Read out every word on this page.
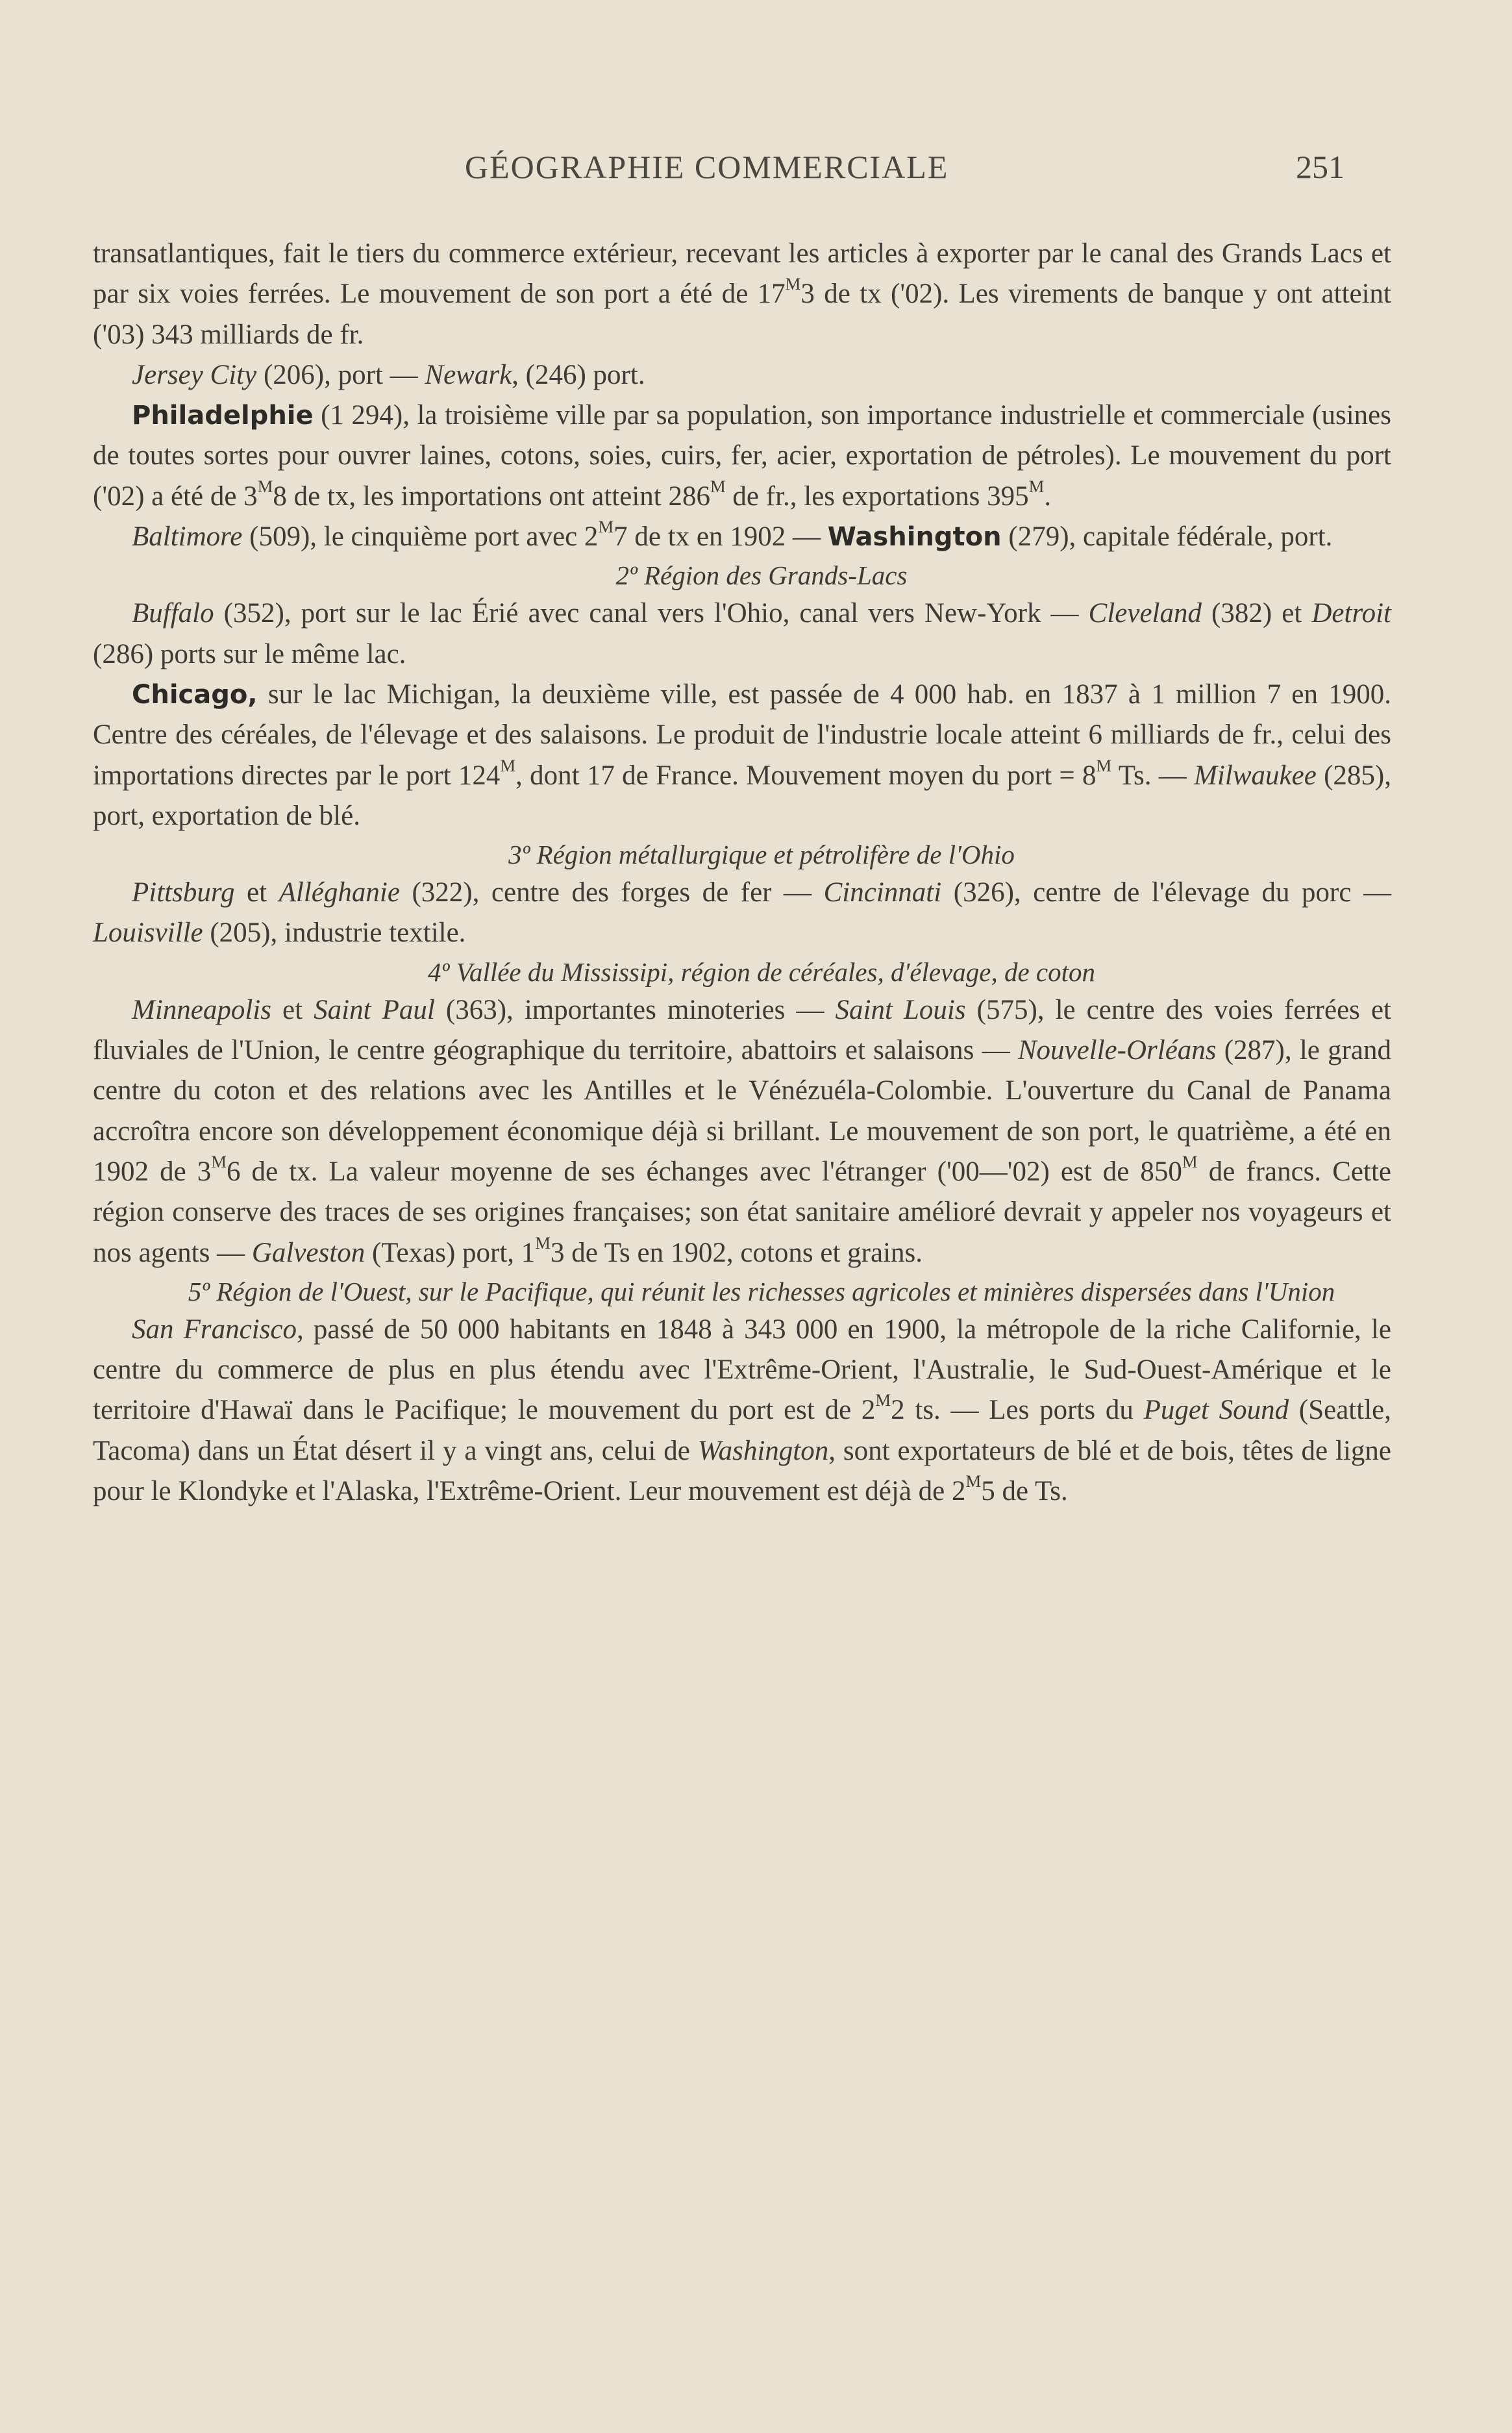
GÉOGRAPHIE COMMERCIALE	251

transatlantiques, fait le tiers du commerce extérieur, recevant les articles à exporter par le canal des Grands Lacs et par six voies ferrées. Le mouvement de son port a été de $17^M3$ de tx ('02). Les virements de banque y ont atteint ('03) 343 milliards de fr.

Jersey City (206), port — Newark, (246) port.

Philadelphie (1 294), la troisième ville par sa population, son importance industrielle et commerciale (usines de toutes sortes pour ouvrer laines, cotons, soies, cuirs, fer, acier, exportation de pétroles). Le mouvement du port ('02) a été de $3^M8$ de tx, les importations ont atteint $286^M$ de fr., les exportations $395^M$.

Baltimore (509), le cinquième port avec $2^M7$ de tx en 1902 — Washington (279), capitale fédérale, port.

2º Région des Grands-Lacs

Buffalo (352), port sur le lac Érié avec canal vers l'Ohio, canal vers New-York — Cleveland (382) et Detroit (286) ports sur le même lac.

Chicago, sur le lac Michigan, la deuxième ville, est passée de 4 000 hab. en 1837 à 1 million 7 en 1900. Centre des céréales, de l'élevage et des salaisons. Le produit de l'industrie locale atteint 6 milliards de fr., celui des importations directes par le port $124^M$, dont 17 de France. Mouvement moyen du port = $8^M$ Ts. — Milwaukee (285), port, exportation de blé.

3º Région métallurgique et pétrolifère de l'Ohio

Pittsburg et Alléghanie (322), centre des forges de fer — Cincinnati (326), centre de l'élevage du porc — Louisville (205), industrie textile.

4º Vallée du Mississipi, région de céréales, d'élevage, de coton

Minneapolis et Saint Paul (363), importantes minoteries — Saint Louis (575), le centre des voies ferrées et fluviales de l'Union, le centre géographique du territoire, abattoirs et salaisons — Nouvelle-Orléans (287), le grand centre du coton et des relations avec les Antilles et le Vénézuéla-Colombie. L'ouverture du Canal de Panama accroîtra encore son développement économique déjà si brillant. Le mouvement de son port, le quatrième, a été en 1902 de $3^M6$ de tx. La valeur moyenne de ses échanges avec l'étranger ('00—'02) est de $850^M$ de francs. Cette région conserve des traces de ses origines françaises; son état sanitaire amélioré devrait y appeler nos voyageurs et nos agents — Galveston (Texas) port, $1^M3$ de Ts en 1902, cotons et grains.

5º Région de l'Ouest, sur le Pacifique, qui réunit les richesses agricoles et minières dispersées dans l'Union

San Francisco, passé de 50 000 habitants en 1848 à 343 000 en 1900, la métropole de la riche Californie, le centre du commerce de plus en plus étendu avec l'Extrême-Orient, l'Australie, le Sud-Ouest-Amérique et le territoire d'Hawaï dans le Pacifique; le mouvement du port est de $2^M2$ ts. — Les ports du Puget Sound (Seattle, Tacoma) dans un État désert il y a vingt ans, celui de Washington, sont exportateurs de blé et de bois, têtes de ligne pour le Klondyke et l'Alaska, l'Extrême-Orient. Leur mouvement est déjà de $2^M5$ de Ts.
